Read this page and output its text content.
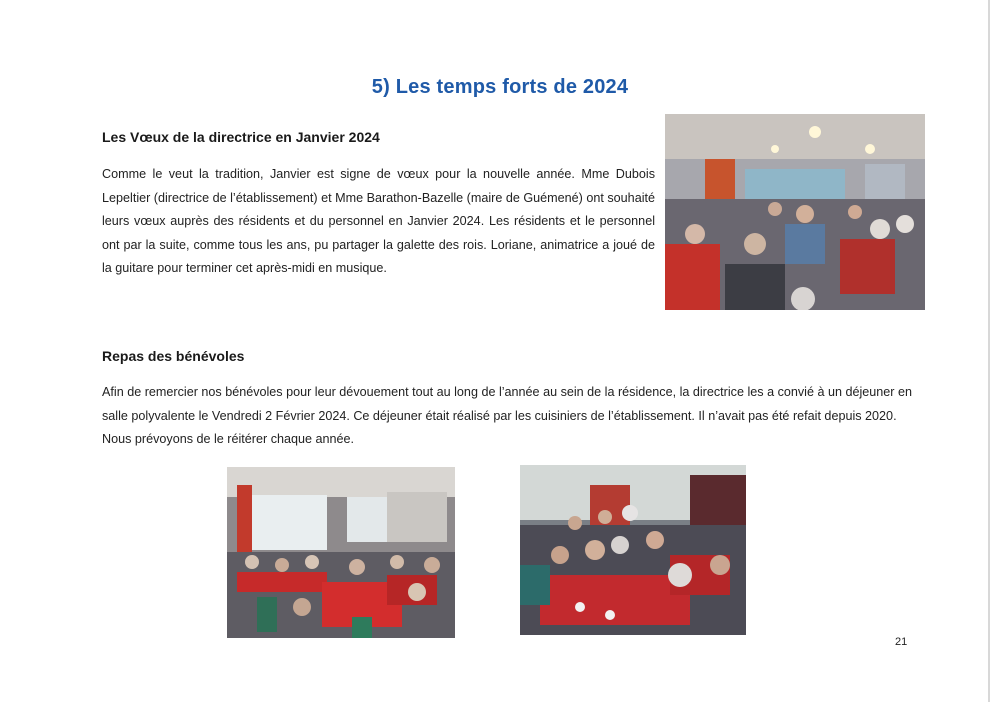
5) Les temps forts de 2024
Les Vœux de la directrice en Janvier 2024
Comme le veut la tradition, Janvier est signe de vœux pour la nouvelle année. Mme Dubois Lepeltier (directrice de l’établissement) et Mme Barathon-Bazelle (maire de Guémené) ont souhaité leurs vœux auprès des résidents et du personnel en Janvier 2024. Les résidents et le personnel ont par la suite, comme tous les ans, pu partager la galette des rois. Loriane, animatrice a joué de la guitare pour terminer cet après-midi en musique.
Repas des bénévoles
Afin de remercier nos bénévoles pour leur dévouement tout au long de l’année au sein de la résidence, la directrice les a convié à un déjeuner en salle polyvalente le Vendredi 2 Février 2024. Ce déjeuner était réalisé par les cuisiniers de l’établissement. Il n’avait pas été refait depuis 2020. Nous prévoyons de le réitérer chaque année.
21
